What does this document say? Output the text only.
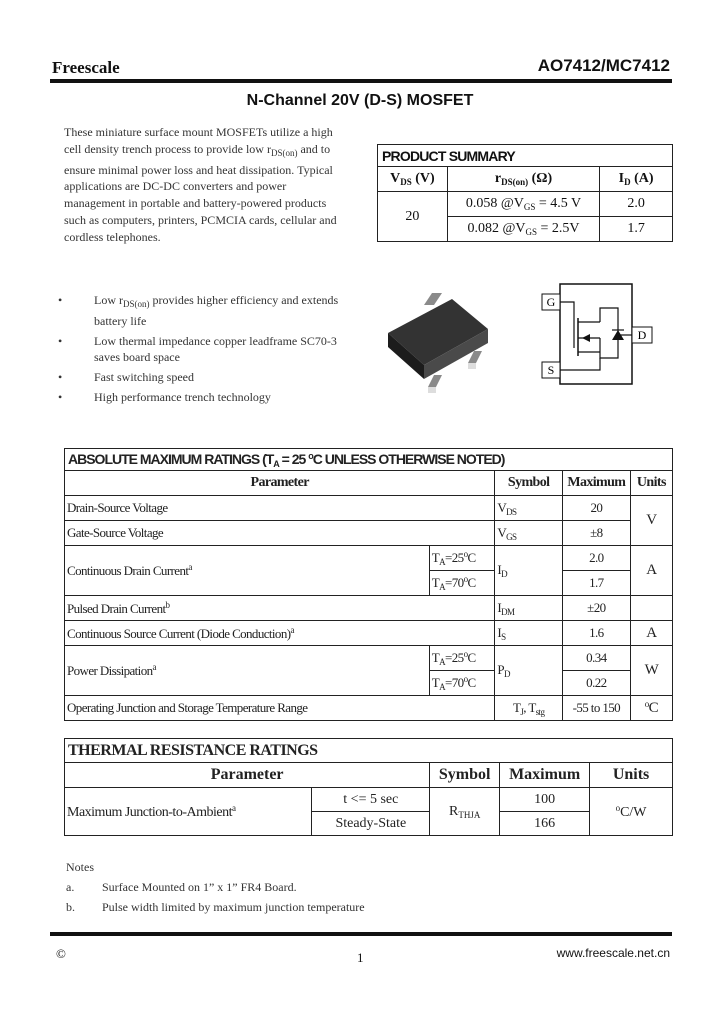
Freescale	AO7412/MC7412
N-Channel 20V (D-S) MOSFET
These miniature surface mount MOSFETs utilize a high cell density trench process to provide low $r_{DS(on)}$ and to ensure minimal power loss and heat dissipation. Typical applications are DC-DC converters and power management in portable and battery-powered products such as computers, printers, PCMCIA cards, cellular and cordless telephones.
PRODUCT SUMMARY		
$V_{DS}$ (V)	$r_{DS(on)}$ (Ω)	$I_D$ (A)
20	0.058 $@V_{GS} = 4.5$ V	2.0
	0.082 $@V_{GS} = 2.5V$	1.7
•	Low $r_{DS(on)}$ provides higher efficiency and extends battery life
•	Low thermal impedance copper leadframe SC70-3 saves board space
•	Fast switching speed
•	High performance trench technology
G
S
D
ABSOLUTE MAXIMUM RATINGS ($T_A = 25$ $^o$C UNLESS OTHERWISE NOTED)				
Parameter		Symbol	Maximum	Units
Drain-Source Voltage		$V_{DS}$	20	V
Gate-Source Voltage		$V_{GS}$	±8	
Continuous Drain Current$^a$	$T_A=25^oC$	$I_D$	2.0	A
	$T_A=70^oC$		1.7	
Pulsed Drain Current$^b$		$I_{DM}$	±20	
Continuous Source Current (Diode Conduction)$^a$		$I_S$	1.6	A
Power Dissipation$^a$	$T_A=25^oC$	$P_D$	0.34	W
	$T_A=70^oC$		0.22	
Operating Junction and Storage Temperature Range		$T_J$, $T_{stg}$	-55 to 150	$^o$C
THERMAL RESISTANCE RATINGS				
Parameter		Symbol	Maximum	Units
Maximum Junction-to-Ambient$^a$	t <= 5 sec	$R_{THJA}$	100	$^o$C/W
	Steady-State		166	
Notes
a.	Surface Mounted on 1” x 1” FR4 Board.
b.	Pulse width limited by maximum junction temperature
©	1	www.freescale.net.cn
